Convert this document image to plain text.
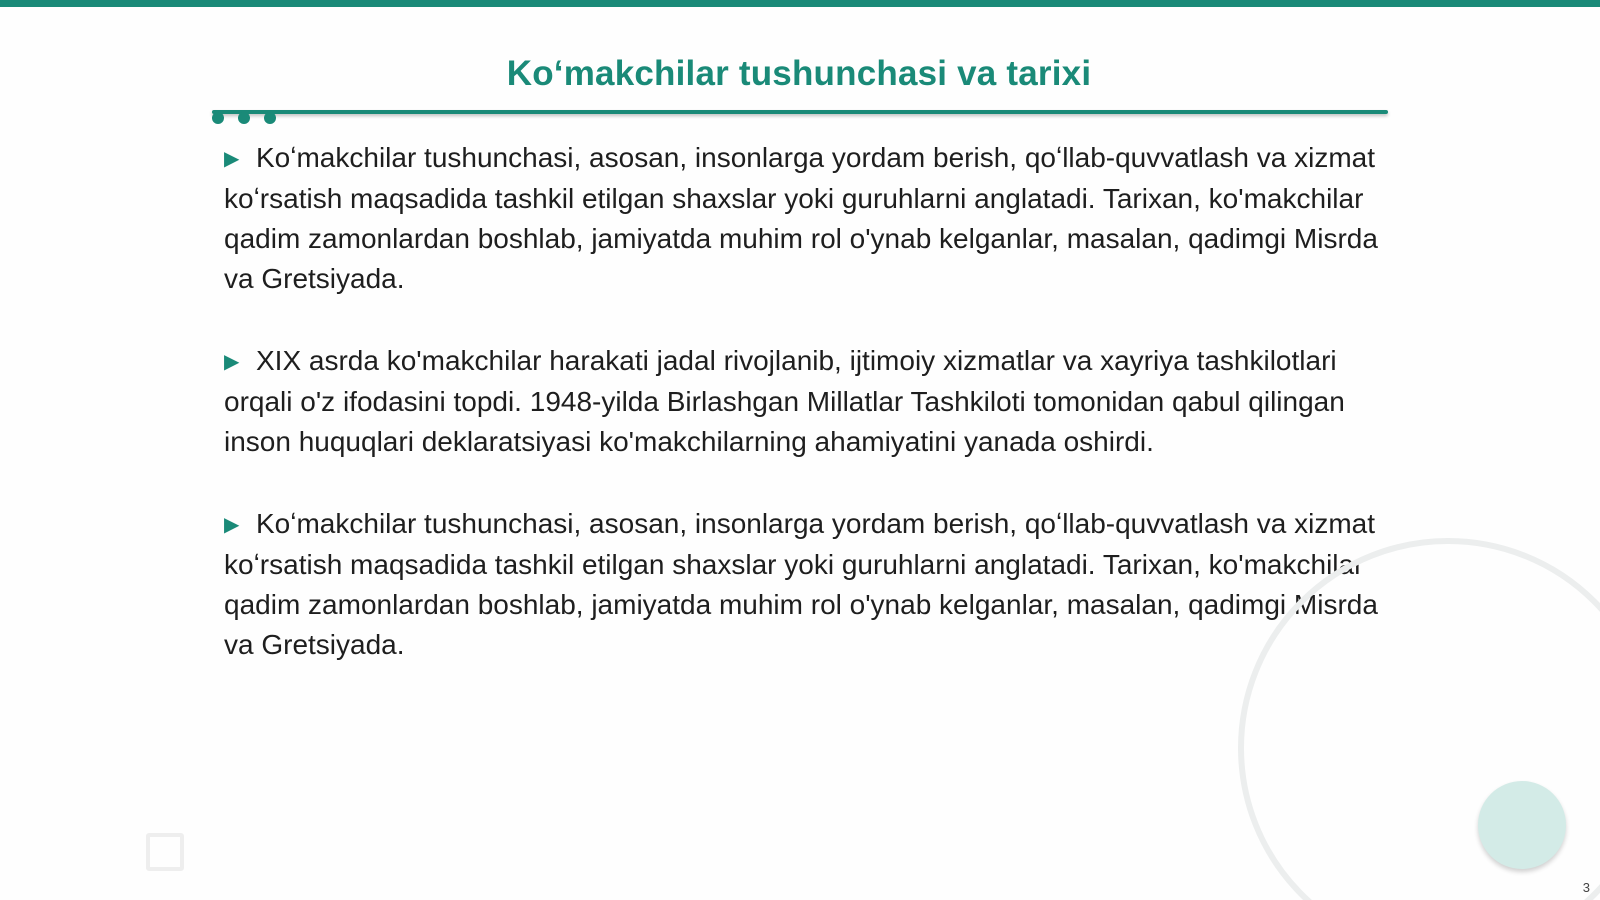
Koʻmakchilar tushunchasi va tarixi

▶ Koʻmakchilar tushunchasi, asosan, insonlarga yordam berish, qoʻllab-quvvatlash va xizmat koʻrsatish maqsadida tashkil etilgan shaxslar yoki guruhlarni anglatadi. Tarixan, ko'makchilar qadim zamonlardan boshlab, jamiyatda muhim rol o'ynab kelganlar, masalan, qadimgi Misrda va Gretsiyada.

▶ XIX asrda ko'makchilar harakati jadal rivojlanib, ijtimoiy xizmatlar va xayriya tashkilotlari orqali o'z ifodasini topdi. 1948-yilda Birlashgan Millatlar Tashkiloti tomonidan qabul qilingan inson huquqlari deklaratsiyasi ko'makchilarning ahamiyatini yanada oshirdi.

▶ Koʻmakchilar tushunchasi, asosan, insonlarga yordam berish, qoʻllab-quvvatlash va xizmat koʻrsatish maqsadida tashkil etilgan shaxslar yoki guruhlarni anglatadi. Tarixan, ko'makchilar qadim zamonlardan boshlab, jamiyatda muhim rol o'ynab kelganlar, masalan, qadimgi Misrda va Gretsiyada.

3
